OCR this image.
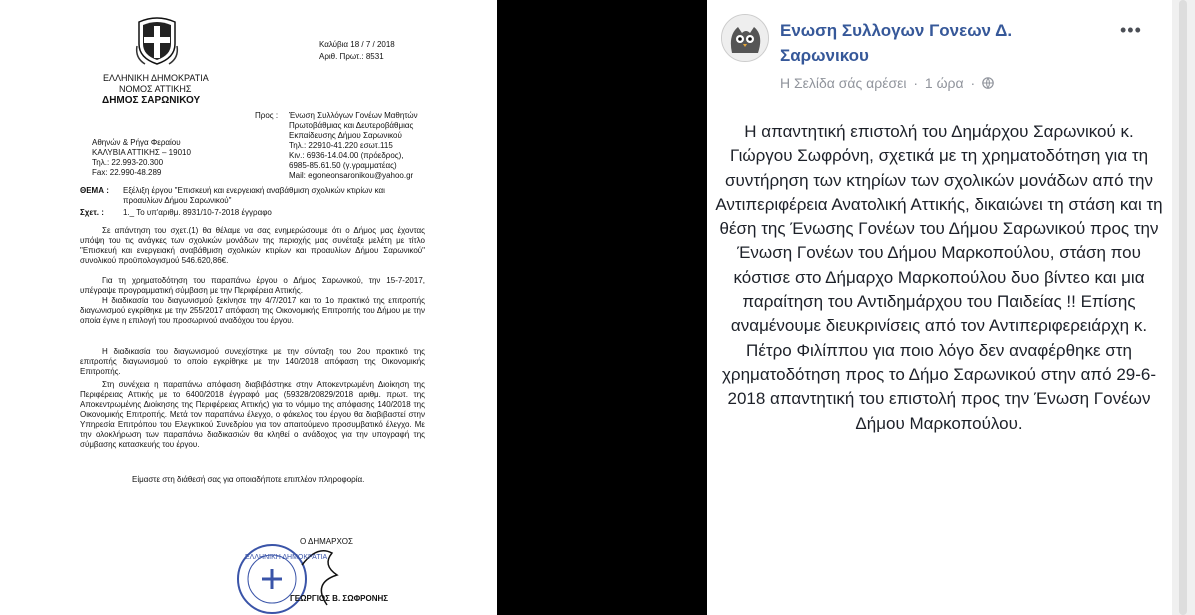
ΕΛΛΗΝΙΚΗ ΔΗΜΟΚΡΑΤΙΑ
ΝΟΜΟΣ ΑΤΤΙΚΗΣ
ΔΗΜΟΣ ΣΑΡΩΝΙΚΟΥ
Καλύβια 18 / 7 / 2018
Αριθ. Πρωτ.: 8531
Αθηνών & Ρήγα Φεραίου
ΚΑΛΥΒΙΑ ΑΤΤΙΚΗΣ – 19010
Τηλ.: 22.993-20.300
Fax: 22.990-48.289
Προς : Ένωση Συλλόγων Γονέων Μαθητών
Πρωτοβάθμιας και Δευτεροβάθμιας
Εκπαίδευσης Δήμου Σαρωνικού
Τηλ.: 22910-41.220 εσωτ.115
Κιν.: 6936-14.04.00 (πρόεδρος),
6985-85.61.50 (γ.γραμματέας)
Mail: egoneonsaronikou@yahoo.gr
ΘΕΜΑ : Εξέλιξη έργου "Επισκευή και ενεργειακή αναβάθμιση σχολικών κτιρίων και
προαυλίων Δήμου Σαρωνικού"
Σχετ. : 1._ Το υπ'αριθμ. 8931/10-7-2018 έγγραφο
Σε απάντηση του σχετ.(1) θα θέλαμε να σας ενημερώσουμε ότι ο Δήμος μας έχοντας υπόψη του τις ανάγκες των σχολικών μονάδων της περιοχής μας συνέταξε μελέτη με τίτλο "Επισκευή και ενεργειακή αναβάθμιση σχολικών κτιρίων και προαυλίων Δήμου Σαρωνικού" συνολικού προϋπολογισμού 546.620,86€.
Για τη χρηματοδότηση του παραπάνω έργου ο Δήμος Σαρωνικού, την 15-7-2017, υπέγραψε προγραμματική σύμβαση με την Περιφέρεια Αττικής.
Η διαδικασία του διαγωνισμού ξεκίνησε την 4/7/2017 και το 1ο πρακτικό της επιτροπής διαγωνισμού εγκρίθηκε με την 255/2017 απόφαση της Οικονομικής Επιτροπής του Δήμου με την οποία έγινε η επιλογή του προσωρινού αναδόχου του έργου.
Η διαδικασία του διαγωνισμού συνεχίστηκε με την σύνταξη του 2ου πρακτικό της επιτροπής διαγωνισμού το οποίο εγκρίθηκε με την 140/2018 απόφαση της Οικονομικής Επιτροπής.
Στη συνέχεια η παραπάνω απόφαση διαβιβάστηκε στην Αποκεντρωμένη Διοίκηση της Περιφέρειας Αττικής με το 6400/2018 έγγραφό μας (59328/20829/2018 αριθμ. πρωτ. της Αποκεντρωμένης Διοίκησης της Περιφέρειας Αττικής) για το νόμιμο της απόφασης 140/2018 της Οικονομικής Επιτροπής. Μετά τον παραπάνω έλεγχο, ο φάκελος του έργου θα διαβιβαστεί στην Υπηρεσία Επιτρόπου του Ελεγκτικού Συνεδρίου για τον απαιτούμενο προσυμβατικό έλεγχο. Με την ολοκλήρωση των παραπάνω διαδικασιών θα κληθεί ο ανάδοχος για την υπογραφή της σύμβασης κατασκευής του έργου.
Είμαστε στη διάθεσή σας για οποιαδήποτε επιπλέον πληροφορία.
Ο ΔΗΜΑΡΧΟΣ
ΕΛΛΗΝΙΚΗ ΔΗΜΟΚΡΑΤΙΑ
ΓΕΩΡΓΙΟΣ Β. ΣΩΦΡΟΝΗΣ
Ενωση Συλλογων Γονεων Δ. Σαρωνικου
•••
Η Σελίδα σάς αρέσει · 1 ώρα ·
Η απαντητική επιστολή του Δημάρχου Σαρωνικού κ. Γιώργου Σωφρόνη, σχετικά με τη χρηματοδότηση για τη συντήρηση των κτηρίων των σχολικών μονάδων από την Αντιπεριφέρεια Ανατολική Αττικής, δικαιώνει τη στάση και τη θέση της Ένωσης Γονέων του Δήμου Σαρωνικού προς την Ένωση Γονέων του Δήμου Μαρκοπούλου, στάση που κόστισε στο Δήμαρχο Μαρκοπούλου δυο βίντεο και μια παραίτηση του Αντιδημάρχου του Παιδείας !! Επίσης αναμένουμε διευκρινίσεις από τον Αντιπεριφερειάρχη κ. Πέτρο Φιλίππου για ποιο λόγο δεν αναφέρθηκε στη χρηματοδότηση προς το Δήμο Σαρωνικού στην από 29-6-2018 απαντητική του επιστολή προς την Ένωση Γονέων Δήμου Μαρκοπούλου.
